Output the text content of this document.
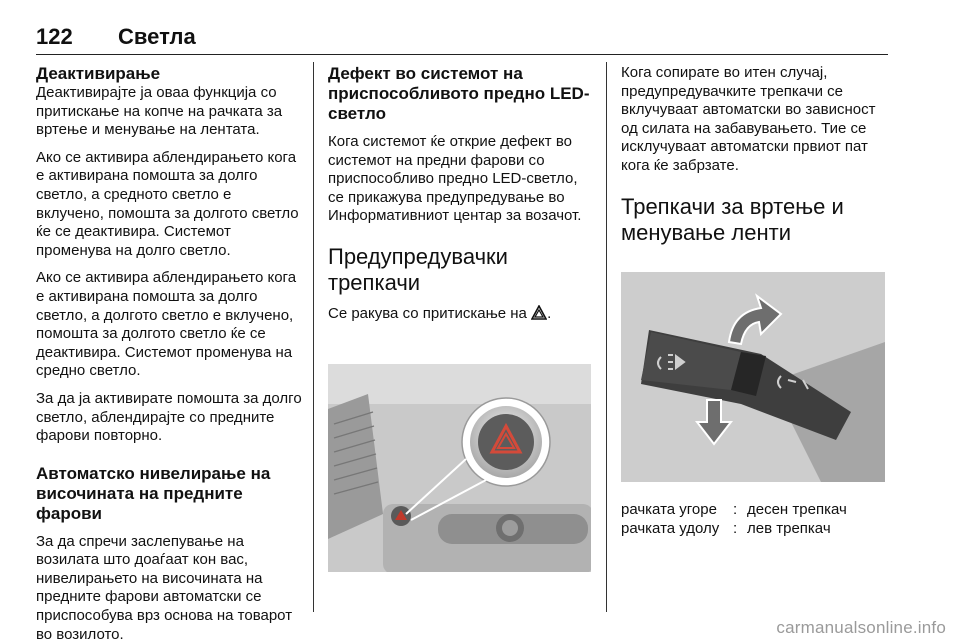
122 Светла
Деактивирање

Деактивирајте ја оваа функција со притискање на копче на рачката за вртење и менување на лентата.

Ако се активира аблендирањето кога е активирана помошта за долго светло, а средното светло е вклучено, помошта за долгото светло ќе се деактивира. Системот променува на долго светло.

Ако се активира аблендирањето кога е активирана помошта за долго светло, а долгото светло е вклучено, помошта за долгото светло ќе се деактивира. Системот променува на средно светло.

За да ја активирате помошта за долго светло, аблендирајте со предните фарови повторно.

Автоматско нивелирање на височината на предните фарови

За да спречи заслепување на возилата што доаѓаат кон вас, нивелирањето на височината на предните фарови автоматски се приспособува врз основа на товарот во возилото.

Дефект во системот на приспособливото предно LED-светло

Кога системот ќе открие дефект во системот на предни фарови со приспособливо предно LED-светло, се прикажува предупредување во Информативниот центар за возачот.

Предупредувачки трепкачи

Се ракува со притискање на .

Кога сопирате во итен случај, предупредувачките трепкачи се вклучуваат автоматски во зависност од силата на забавувањето. Тие се исклучуваат автоматски првиот пат кога ќе забрзате.

Трепкачи за вртење и менување ленти
рачката угоре	: десен трепкач
рачката удолу : лев трепкач
carmanualsonline.info
